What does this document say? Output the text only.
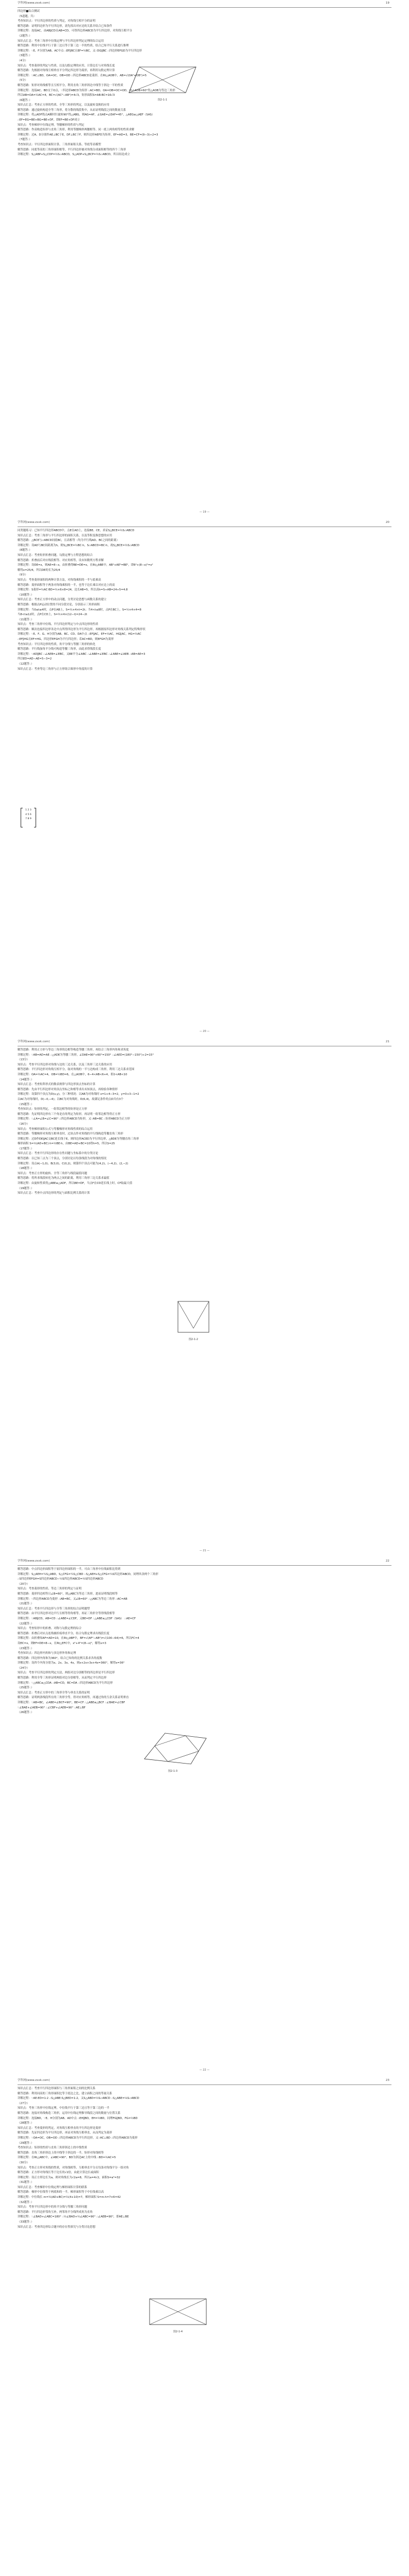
学科网(www.zxxk.com)	19
四边形■综合测试
（5道题，共）
考查知识点：平行四边形的性质与判定，对角线互相平分的证明
解答思路：证明四边形为平行四边形，需先找出对应边的关系并结合已知条件
详解过程：连接AC，由AB∥CD且AB=CD，可得四边形ABCD为平行四边形，对角线互相平分
（2题答：）
知识点汇总：考查三角形中位线定理与平行四边形判定定理的综合运用
解答思路：利用中位线平行于第三边且等于第三边一半的性质，结合已知平行关系进行推理
详解过程：∵E、F分别为AB、AC中点 ∴EF∥BC且EF=½BC，又∵DG∥BC ∴四边形EFGD为平行四边形
（3题答：）
（4分）
知识点：考查菱形的判定与性质，以及勾股定理的应用，计算边长与对角线长度
解答思路：先根据对角线互相垂直平分判定四边形为菱形，再利用勾股定理计算
详解过程：∵AC⊥BD，OA=OC，OB=OD ∴四边形ABCD是菱形，在Rt△AOB中，AB=√(OA²+OB²)=5
（5分）
解答思路：矩形对角线相等且互相平分，利用直角三角形斜边中线等于斜边一半的性质
详解过程：连接AC、BD交于O点，∵四边形ABCD为矩形 ∴AC=BD，OA=OB=OC=OD，由∠AOB=60°得△AOB为等边三角形
所以AB=OA=½AC=4，BC=√(AC²−AB²)=4√3，矩形面积S=AB·BC=16√3
（6题答：）
知识点汇总：考查正方形的性质、全等三角形的判定，以及旋转变换的应用
解答思路：通过旋转构造全等三角形，将分散的线段集中，从而证明线段之间的数量关系
详解过程：将△ADF绕点A顺时针旋转90°得△ABG，则AG=AF，∠GAE=∠EAF=45°，△AEG≌△AEF（SAS）
∴EF=EG=BE+BG=BE+DF，即EF=BE+DF成立
知识点：考查梯形中位线定理，等腰梯形的性质与判定
解答思路：作高构造矩形与直角三角形，利用等腰梯形两腰相等、同一底上两角相等的性质求解
详解过程：过A、D分别作AE⊥BC于E，DF⊥BC于F，则四边形AEFD为矩形，EF=AD=3，BE=CF=(9−3)÷2=3
（7题答：）
考查知识点：平行四边形面积计算、三角形面积关系、等底等高模型
解答思路：同底等高的三角形面积相等，平行四边形被对角线分成面积相等的四个三角形
详解过程：S△ABP+S△CDP=½S▱ABCD，S△ADP+S△BCP=½S▱ABCD，所以结论成立
图2-1-1
— 19 —
学科网(www.zxxk.com)	20
同类题练习：已知平行四边形ABCD中，点E在AD上，连接BE、CE，求证S△BCE=½S▱ABCD
知识点汇总：考查三角形与平行四边形的面积关系，以及等积变换思想的应用
解答思路：△BCE与▱ABCD同底BC，且高相等（均为平行线AD、BC之间的距离）
详解过程：设AD与BC间距离为h，则S△BCE=½BC·h，S▱ABCD=BC·h，故S△BCE=½S▱ABCD
（8题答：）
知识点汇总：考查矩形折叠问题，勾股定理与方程思想的结合
解答思路：折叠前后对应线段相等、对应角相等，设未知数列方程求解
详解过程：设DE=x，则AE=8−x，由折叠得BE=DE=x，在Rt△ABE中，AB²+AE²=BE²，即6²+(8−x)²=x²
解得x=25/4，所以DE的长为25/4
（9分）
知识点：考查菱形面积的两种计算方法，对角线乘积的一半与底乘高
解答思路：菱形面积等于两条对角线乘积的一半，也等于边长乘以对应边上的高
详解过程：S菱形=½AC·BD=½×6×8=24，边长AB=5，所以高h=S÷AB=24÷5=4.8
（10题答：）
知识点汇总：考查正方形中的动点问题，分类讨论思想与函数关系的建立
解答思路：根据点P运动位置的不同分段讨论，分别表示三角形面积
详解过程：当0≤t≤4时，点P在AB上，S=½×4×t=2t；当4<t≤8时，点P在BC上，S=½×4×4=8
当8<t≤12时，点P在CD上，S=½×4×(12−t)=24−2t
（11题答：）
知识点：考查三角形中位线、平行四边形判定与中点四边形的性质
解答思路：顺次连接四边形各边中点所得四边形为平行四边形，再根据原四边形对角线关系判定特殊形状
详解过程：∵E、F、G、H分别为AB、BC、CD、DA中点 ∴EF∥AC，EF=½AC，HG∥AC，HG=½AC
∴EF∥HG且EF=HG，四边形EFGH为平行四边形；若AC=BD，则EFGH为菱形
考查知识点：平行四边形的性质，角平分线与等腰三角形的转化
解答思路：平行线加角平分线可构造等腰三角形，由此求得线段长度
详解过程：∵AD∥BC ∴∠AEB=∠EBC，又BE平分∠ABC ∴∠ABE=∠EBC ∴∠ABE=∠AEB ∴AB=AE=3
所以ED=AD−AE=5−3=2
（12题答：）
知识点汇总：考查等边三角形与正方形组合图形中角度的计算
1 2 3
4 5 6
7 8 9
— 20 —
学科网(www.zxxk.com)	21
解答思路：利用正方形与等边三角形的边相等构造等腰三角形，再结合三角形内角和求角度
详解过程：∵AB=AD=AE ∴△ADE为等腰三角形，∠DAE=90°+60°=150° ∴∠AED=(180°−150°)÷2=15°
（13分）
知识点：考查平行四边形对角线与边的三边关系，以及三角形三边关系的应用
解答思路：平行四边形对角线互相平分，取对角线的一半与边构成三角形，利用三边关系求范围
详解过程：OA=½AC=4，OB=½BD=6，在△AOB中，6−4<AB<6+4，即2<AB<10
（14题答：）
知识点汇总：考查矩阵形式的数表规律与四边形顶点坐标的计算
解答思路：先由平行四边形对角顶点坐标之和相等求出未知顶点，再检验各种情形
详解过程：设第四个顶点为D(x,y)，分三种情况：以AB为对角线时 x=1+4−3=2，y=0+3−1=2
以AC为对角线时，D(−0,−4)；以BC为对角线时，D(6,4)，故满足条件的点D共有3个
（15题答：）
考查知识点：矩形的判定，一组邻边相等的矩形是正方形
解答思路：先证明四边形有三个角是直角判定为矩形，再证明一组邻边相等得正方形
详解过程：∵∠A=∠B=∠C=90° ∴四边形ABCD为矩形，又∵AB=BC ∴矩形ABCD为正方形
（16分）
知识点：考查梯形面积公式与等腰梯形对角线性质的综合运用
解答思路：等腰梯形对角线互相垂直时，过顶点作对角线的平行线构造等腰直角三角形
详解过程：过D作DE∥AC交BC延长线于E，则四边形ACED为平行四边形，△BDE为等腰直角三角形
梯形面积 S=½(AD+BC)·h=½BE·h，由BE=AD+BC=10得h=5，所以S=25
（17题答：）
知识点汇总：考查平行四边形的存在性问题与坐标系中的分类讨论
解答思路：以已知三点为三个顶点，分别讨论以每条线段为对角线的情况
详解过程：设点A(−1,0)、B(3,0)、C(0,2)，则第四个顶点可能为(4,2)、(−4,2)、(2,−2)
（18题答：）
知识点：考查正方形的旋转、全等三角形与线段最值问题
解答思路：将所求线段转化为两点之间的距离，利用三角形三边关系求最值
详解过程：由旋转性质得△ABE≌△ADF，所以BE=DF，当点F在CD延长线上时，CF取最大值
（19题答：）
知识点汇总：考查中点四边形的判定与面积比例关系的计算
图2-1-2
— 21 —
学科网(www.zxxk.com)	22
解答思路：中点四边形面积等于原四边形面积的一半，可由三角形中位线面积比得到
详解过程：S△AEH=¼S△ABD，S△CFG=¼S△CBD ∴S△AEH+S△CFG=¼S四边形ABCD，同理其余两个三角形
∴S四边形EFGH=S四边形ABCD−½S四边形ABCD=½S四边形ABCD
（20分）
知识点：考查菱形的性质、等边三角形的判定与证明
解答思路：菱形四边相等且∠B=60°，则△ABC为等边三角形，进而证明线段相等
详解过程：∵四边形ABCD为菱形 ∴AB=BC，又∠B=60° ∴△ABC为等边三角形 ∴AC=AB
（21题答：）
知识点汇总：考查平行四边形与全等三角形的综合证明题型
解答思路：由平行四边形对边平行且相等得角相等，再证三角形全等得线段相等
详解过程：∵AB∥CD，AB=CD ∴∠ABE=∠CDF，又BE=DF ∴△ABE≌△CDF（SAS） ∴AE=CF
（22题答：）
知识点：考查矩形中的折叠、对称与勾股定理的综合
解答思路：折叠后对应点连线被折痕垂直平分，结合勾股定理求出线段长度
详解过程：由折叠知AF=AD=10，在Rt△ABF中，BF=√(AF²−AB²)=√(100−64)=6，所以FC=4
设EC=x，则EF=DE=8−x，在Rt△EFC中，x²+4²=(8−x)²，解得x=3
（23题答：）
考查知识点：四边形内角和与多边形外角和定理
解答思路：四边形内角和为360°，结合已知角的比例关系求各角度数
详解过程：设四个内角分别为x、2x、3x、4x，则x+2x+3x+4x=360°，解得x=36°
（24分）
知识点：考查平行四边形的判定方法，两组对边分别相等的四边形是平行四边形
解答思路：利用全等三角形证明两组对边分别相等，从而判定平行四边形
详解过程：∵△ABC≌△CDA ∴AB=CD，BC=DA ∴四边形ABCD为平行四边形
（25题答：）
知识点汇总：考查正方形中的三角形全等与垂直关系的证明
解答思路：证明两条线段所在的三角形全等，得对应角相等，再通过角的互余关系证明垂直
详解过程：∵AB=BC，∠ABE=∠BCF=90°，BE=CF ∴△ABE≌△BCF ∴∠BAE=∠CBF
∵∠BAE+∠AEB=90° ∴∠CBF+∠AEB=90° ∴AE⊥BF
（26题答：）
图2-1-3
— 22 —
学科网(www.zxxk.com)	23
知识点汇总：考查平行四边形面积与三角形面积之间的比例关系
解答思路：利用同高的三角形面积比等于底边之比，建立面积之间的等量关系
详解过程：∵AE:ED=1:2 ∴S△ABE:S△BED=1:2，又S△ABD=½S▱ABCD ∴S△ABE=⅙S▱ABCD
（27分）
知识点：考查三角形中位线定理，中位线平行于第三边且等于第三边的一半
解答思路：连接对角线构造三角形，运用中位线定理推导线段之间的数量与位置关系
详解过程：连接BD，∵E、H分别为AB、AD中点 ∴EH∥BD，EH=½BD，同理FG∥BD，FG=½BD
（28题答：）
知识点汇总：考查菱形的判定，对角线互相垂直的平行四边形是菱形
解答思路：先证四边形为平行四边形，再证对角线互相垂直，从而判定为菱形
详解过程：∵OA=OC，OB=OD ∴四边形ABCD为平行四边形，又∵AC⊥BD ∴四边形ABCD为菱形
（29题答：）
考查知识点：矩形的性质与直角三角形斜边上的中线性质
解答思路：直角三角形斜边上的中线等于斜边的一半，矩形对角线相等
详解过程：在Rt△ABC中，∠ABC=90°，BD为斜边AC上的中线 ∴BD=½AC=5
（30分）
知识点：考查正方形对角线的性质，对角线相等、互相垂直平分且每条对角线平分一组对角
解答思路：正方形对角线长等于边长的√2倍，由此计算边长或面积
详解过程：设正方形边长为a，则对角线长为√2a=8，所以a=4√2，面积S=a²=32
（31题答：）
知识点汇总：考查梯形中位线定理与梯形面积计算的联系
解答思路：梯形中位线等于两底和的一半，梯形面积等于中位线乘以高
详解过程：中位线长 m=½(AD+BC)=½(4+10)=7，梯形面积 S=m·h=7×6=42
（32题答：）
知识点：考查平行四边形中的角平分线与等腰三角形问题
解答思路：平行四边形邻角互补，两邻角平分线所成角为直角
详解过程：∵∠BAD+∠ABC=180° ∴½∠BAD+½∠ABC=90° ∴∠AEB=90°，即AE⊥BE
（33题答：）
知识点汇总：考查四边形综合题中的存在性探究与分类讨论思想
图2-1-4
